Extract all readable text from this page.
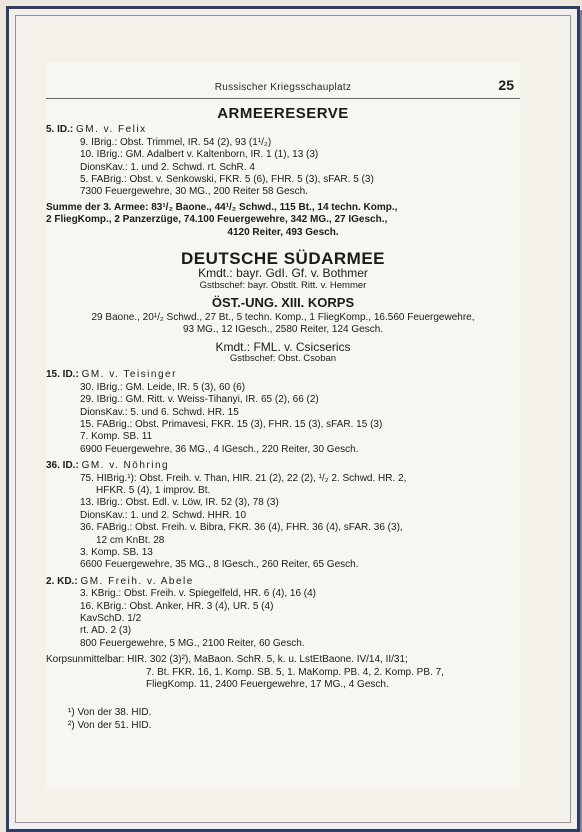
Russischer Kriegsschauplatz	25
ARMEERESERVE
5. ID.: GM. v. Felix
9. IBrig.: Obst. Trimmel, IR. 54 (2), 93 (1¹/₂)
10. IBrig.: GM. Adalbert v. Kaltenborn, IR. 1 (1), 13 (3)
DionsKav.: 1. und 2. Schwd. rt. SchR. 4
5. FABrig.: Obst. v. Senkowski, FKR. 5 (6), FHR. 5 (3), sFAR. 5 (3)
7300 Feuergewehre, 30 MG., 200 Reiter 58 Gesch.
Summe der 3. Armee: 83¹/₂ Baone., 44¹/₂ Schwd., 115 Bt., 14 techn. Komp.,
2 FliegKomp., 2 Panzerzüge, 74.100 Feuergewehre, 342 MG., 27 IGesch.,
4120 Reiter, 493 Gesch.
DEUTSCHE SÜDARMEE
Kmdt.: bayr. GdI. Gf. v. Bothmer
Gstbschef: bayr. Obstlt. Ritt. v. Hemmer
ÖST.-UNG. XIII. KORPS
29 Baone., 20¹/₂ Schwd., 27 Bt., 5 techn. Komp., 1 FliegKomp., 16.560 Feuergewehre,
93 MG., 12 IGesch., 2580 Reiter, 124 Gesch.
Kmdt.: FML. v. Csicserics
Gstbschef: Obst. Csoban
15. ID.: GM. v. Teisinger
30. IBrig.: GM. Leide, IR. 5 (3), 60 (6)
29. IBrig.: GM. Ritt. v. Weiss-Tihanyi, IR. 65 (2), 66 (2)
DionsKav.: 5. und 6. Schwd. HR. 15
15. FABrig.: Obst. Primavesi, FKR. 15 (3), FHR. 15 (3), sFAR. 15 (3)
7. Komp. SB. 11
6900 Feuergewehre, 36 MG., 4 IGesch., 220 Reiter, 30 Gesch.
36. ID.: GM. v. Nöhring
75. HIBrig.¹): Obst. Freih. v. Than, HIR. 21 (2), 22 (2), ¹/₂ 2. Schwd. HR. 2,
HFKR. 5 (4), 1 improv. Bt.
13. IBrig.: Obst. Edl. v. Löw, IR. 52 (3), 78 (3)
DionsKav.: 1. und 2. Schwd. HHR. 10
36. FABrig.: Obst. Freih. v. Bibra, FKR. 36 (4), FHR. 36 (4), sFAR. 36 (3),
12 cm KnBt. 28
3. Komp. SB. 13
6600 Feuergewehre, 35 MG., 8 IGesch., 260 Reiter, 65 Gesch.
2. KD.: GM. Freih. v. Abele
3. KBrig.: Obst. Freih. v. Spiegelfeld, HR. 6 (4), 16 (4)
16. KBrig.: Obst. Anker, HR. 3 (4), UR. 5 (4)
KavSchD. 1/2
rt. AD. 2 (3)
800 Feuergewehre, 5 MG., 2100 Reiter, 60 Gesch.
Korpsunmittelbar: HIR. 302 (3)²), MaBaon. SchR. 5, k. u. LstEtBaone. IV/14, II/31;
7. Bt. FKR. 16, 1. Komp. SB. 5, 1. MaKomp. PB. 4, 2. Komp. PB. 7,
FliegKomp. 11, 2400 Feuergewehre, 17 MG., 4 Gesch.
¹) Von der 38. HID.
²) Von der 51. HID.
